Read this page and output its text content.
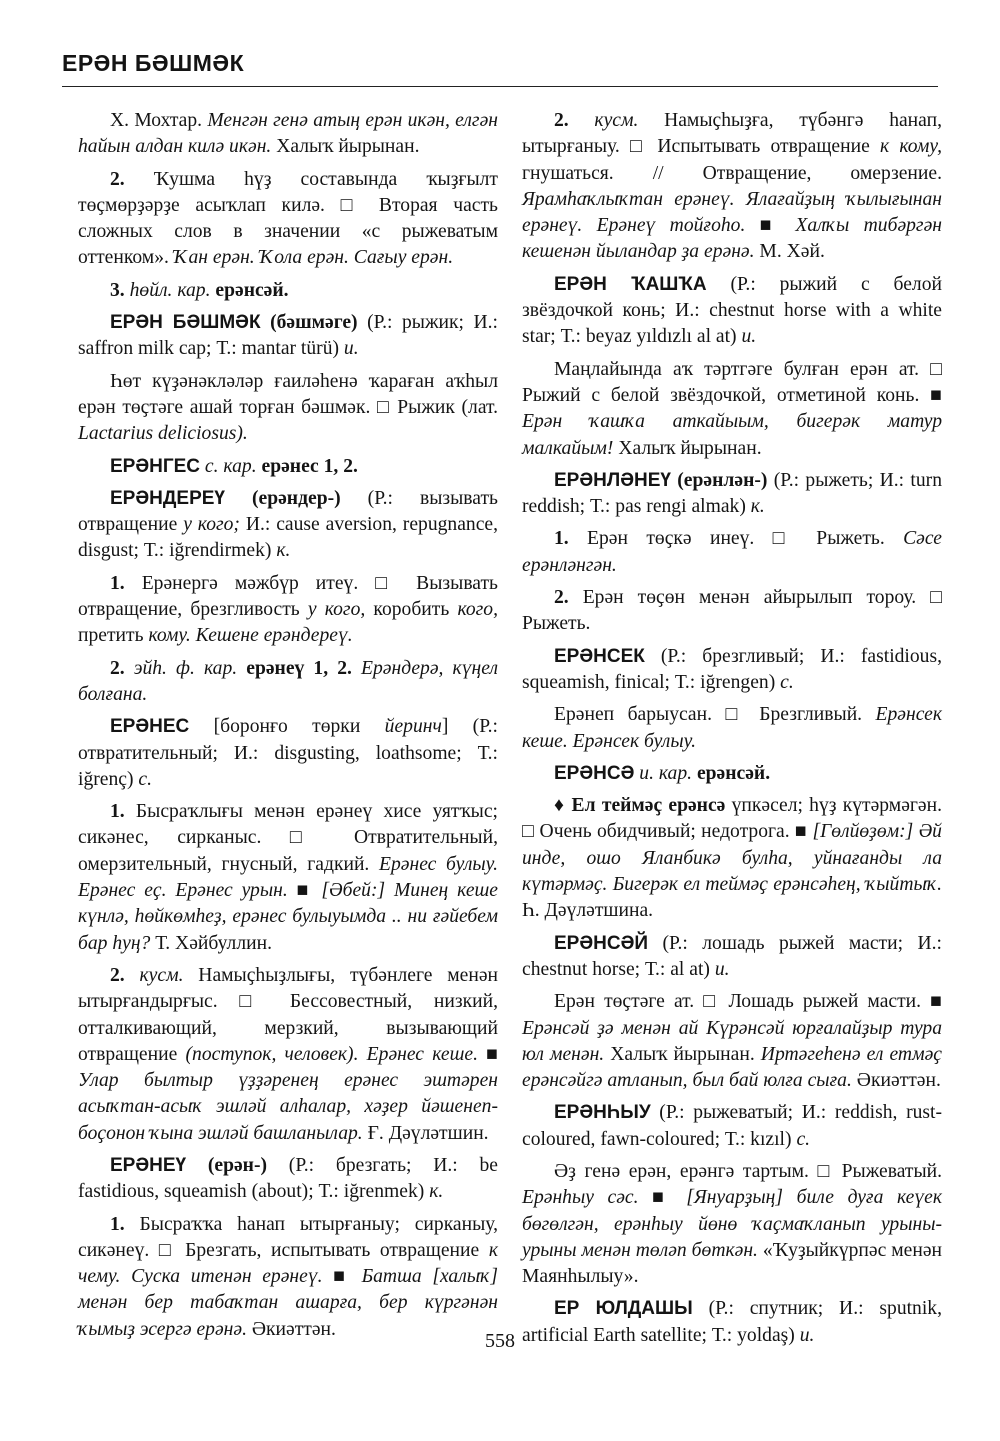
ЕРӘН БӘШМӘК

Х. Мохтар. Менгән генә атың ерән икән, елгән һайын алдан килә икән. Халыҡ йырынан.

2. Ҡушма һүҙ составында ҡыҙғылт төҫмөрҙәрҙе асыҡлап килә. □ Вторая часть сложных слов в значении «с рыжеватым оттенком». Ҡан ерән. Ҡола ерән. Сағыу ерән.

3. һөйл. кар. ерәнсәй.

ЕРӘН БӘШМӘК (бәшмәге) (Р.: рыжик; И.: saffron milk cap; Т.: mantar türü) и.

Һөт күҙәнәкләләр ғаиләһенә ҡараған аҡһыл ерән төҫтәге ашай торған бәшмәк. □ Рыжик (лат. Lactarius deliciosus).

ЕРӘНГЕС с. кар. ерәнес 1, 2.

ЕРӘНДЕРЕҮ (ерәндер-) (Р.: вызывать отвращение у кого; И.: cause aversion, repugnance, disgust; Т.: iğrendirmek) к.

1. Ерәнергә мәжбүр итеү. □ Вызывать отвращение, брезгливость у кого, коробить кого, претить кому. Кешене ерәндереү.

2. эйһ. ф. кар. ерәнеү 1, 2. Ерәндерә, күңел болғана.

ЕРӘНЕС [боронғо төрки йеринч] (Р.: отвратительный; И.: disgusting, loathsome; Т.: iğrenç) с.

1. Бысраҡлығы менән ерәнеү хисе уятҡыс; сикәнес, сирканыс. □ Отвратительный, омерзительный, гнусный, гадкий. Ерәнес булыу. Ерәнес еҫ. Ерәнес урын. ■ [Әбей:] Минең кеше күнлә, һөйкөмһеҙ, ерәнес булыуымда .. ни ғәйебем бар һуң? Т. Хәйбуллин.

2. кусм. Намыҫһыҙлығы, түбәнлеге менән ытырғандырғыс. □ Бессовестный, низкий, отталкивающий, мерзкий, вызывающий отвращение (поступок, человек). Ерәнес кеше. ■ Улар былтыр үҙҙәренең ерәнес эштәрен асыҡтан-асыҡ эшләй алһалар, хәҙер йәшенеп-боҫонон ҡына эшләй башланылар. Ғ. Дәүләтшин.

ЕРӘНЕҮ (ерән-) (Р.: брезгать; И.: be fastidious, squeamish (about); Т.: iğrenmek) к.

1. Бысраҡҡа һанап ытырғаныу; сирканыу, сикәнеү. □ Брезгать, испытывать отвращение к чему. Суска итенән ерәнеү. ■ Батша [халыҡ] менән бер табаҡтан ашарға, бер күргәнән ҡымыҙ эсергә ерәнә. Әкиәттән.

2. кусм. Намыҫһыҙға, түбәнгә һанап, ытырғаныу. □ Испытывать отвращение к кому, гнушаться. // Отвращение, омерзение. Ярамһаҡлыҡтан ерәнеү. Ялағайҙың ҡылығынан ерәнеү. Ерәнеү тойғоһо. ■ Халҡы тибәргән кешенән йыландар ҙа ерәнә. М. Хәй.

ЕРӘН ҠАШҠА (Р.: рыжий с белой звёздочкой конь; И.: chestnut horse with a white star; Т.: beyaz yıldızlı al at) и.

Маңлайында аҡ тәртгәге булған ерән ат. □ Рыжий с белой звёздочкой, отметиной конь. ■ Ерән ҡашҡа аткайыым, бигерәк матур малкайым! Халыҡ йырынан.

ЕРӘНЛӘНЕҮ (ерәнлән-) (Р.: рыжеть; И.: turn reddish; Т.: pas rengi almak) к.

1. Ерән төҫкә инеү. □ Рыжеть. Сәсе ерәнләнгән.

2. Ерән төҫөн менән айырылып тороу. □ Рыжеть.

ЕРӘНСЕК (Р.: брезгливый; И.: fastidious, squeamish, finical; Т.: iğrengen) с.

Ерәнеп барыусан. □ Брезгливый. Ерәнсек кеше. Ерәнсек булыу.

ЕРӘНСӘ и. кар. ерәнсәй.

♦ Ел теймәҫ ерәнсә үпкәсел; һүҙ күтәрмәгән. □ Очень обидчивый; недотрога. ■ [Гөлйөҙөм:] Әй инде, ошо Яланбикә булһа, уйнағанды ла күтәрмәҫ. Бигерәк ел теймәҫ ерәнсәһең, ҡыйтыҡ. Һ. Дәүләтшина.

ЕРӘНСӘЙ (Р.: лошадь рыжей масти; И.: chestnut horse; Т.: al at) и.

Ерән төҫтәге ат. □ Лошадь рыжей масти. ■ Ерәнсәй ҙә менән ай Күрәнсәй юрғалайҙыр тура юл менән. Халыҡ йырынан. Иртәгеһенә ел етмәҫ ерәнсәйгә атланып, был бай юлға сыға. Әкиәттән.

ЕРӘНҺЫУ (Р.: рыжеватый; И.: reddish, rust-coloured, fawn-coloured; Т.: kızıl) с.

Әҙ генә ерән, ерәнгә тартым. □ Рыжеватый. Ерәнһыу сәс. ■ [Януарҙың] биле дуға кеүек бөгөлгән, ерәнһыу йөнө ҡаҫмаҡланып урыны-урыны менән төләп бөткән. «Ҡуҙыйкүрпәс менән Маянһылыу».

ЕР ЮЛДАШЫ (Р.: спутник; И.: sputnik, artificial Earth satellite; Т.: yoldaş) и.

558
